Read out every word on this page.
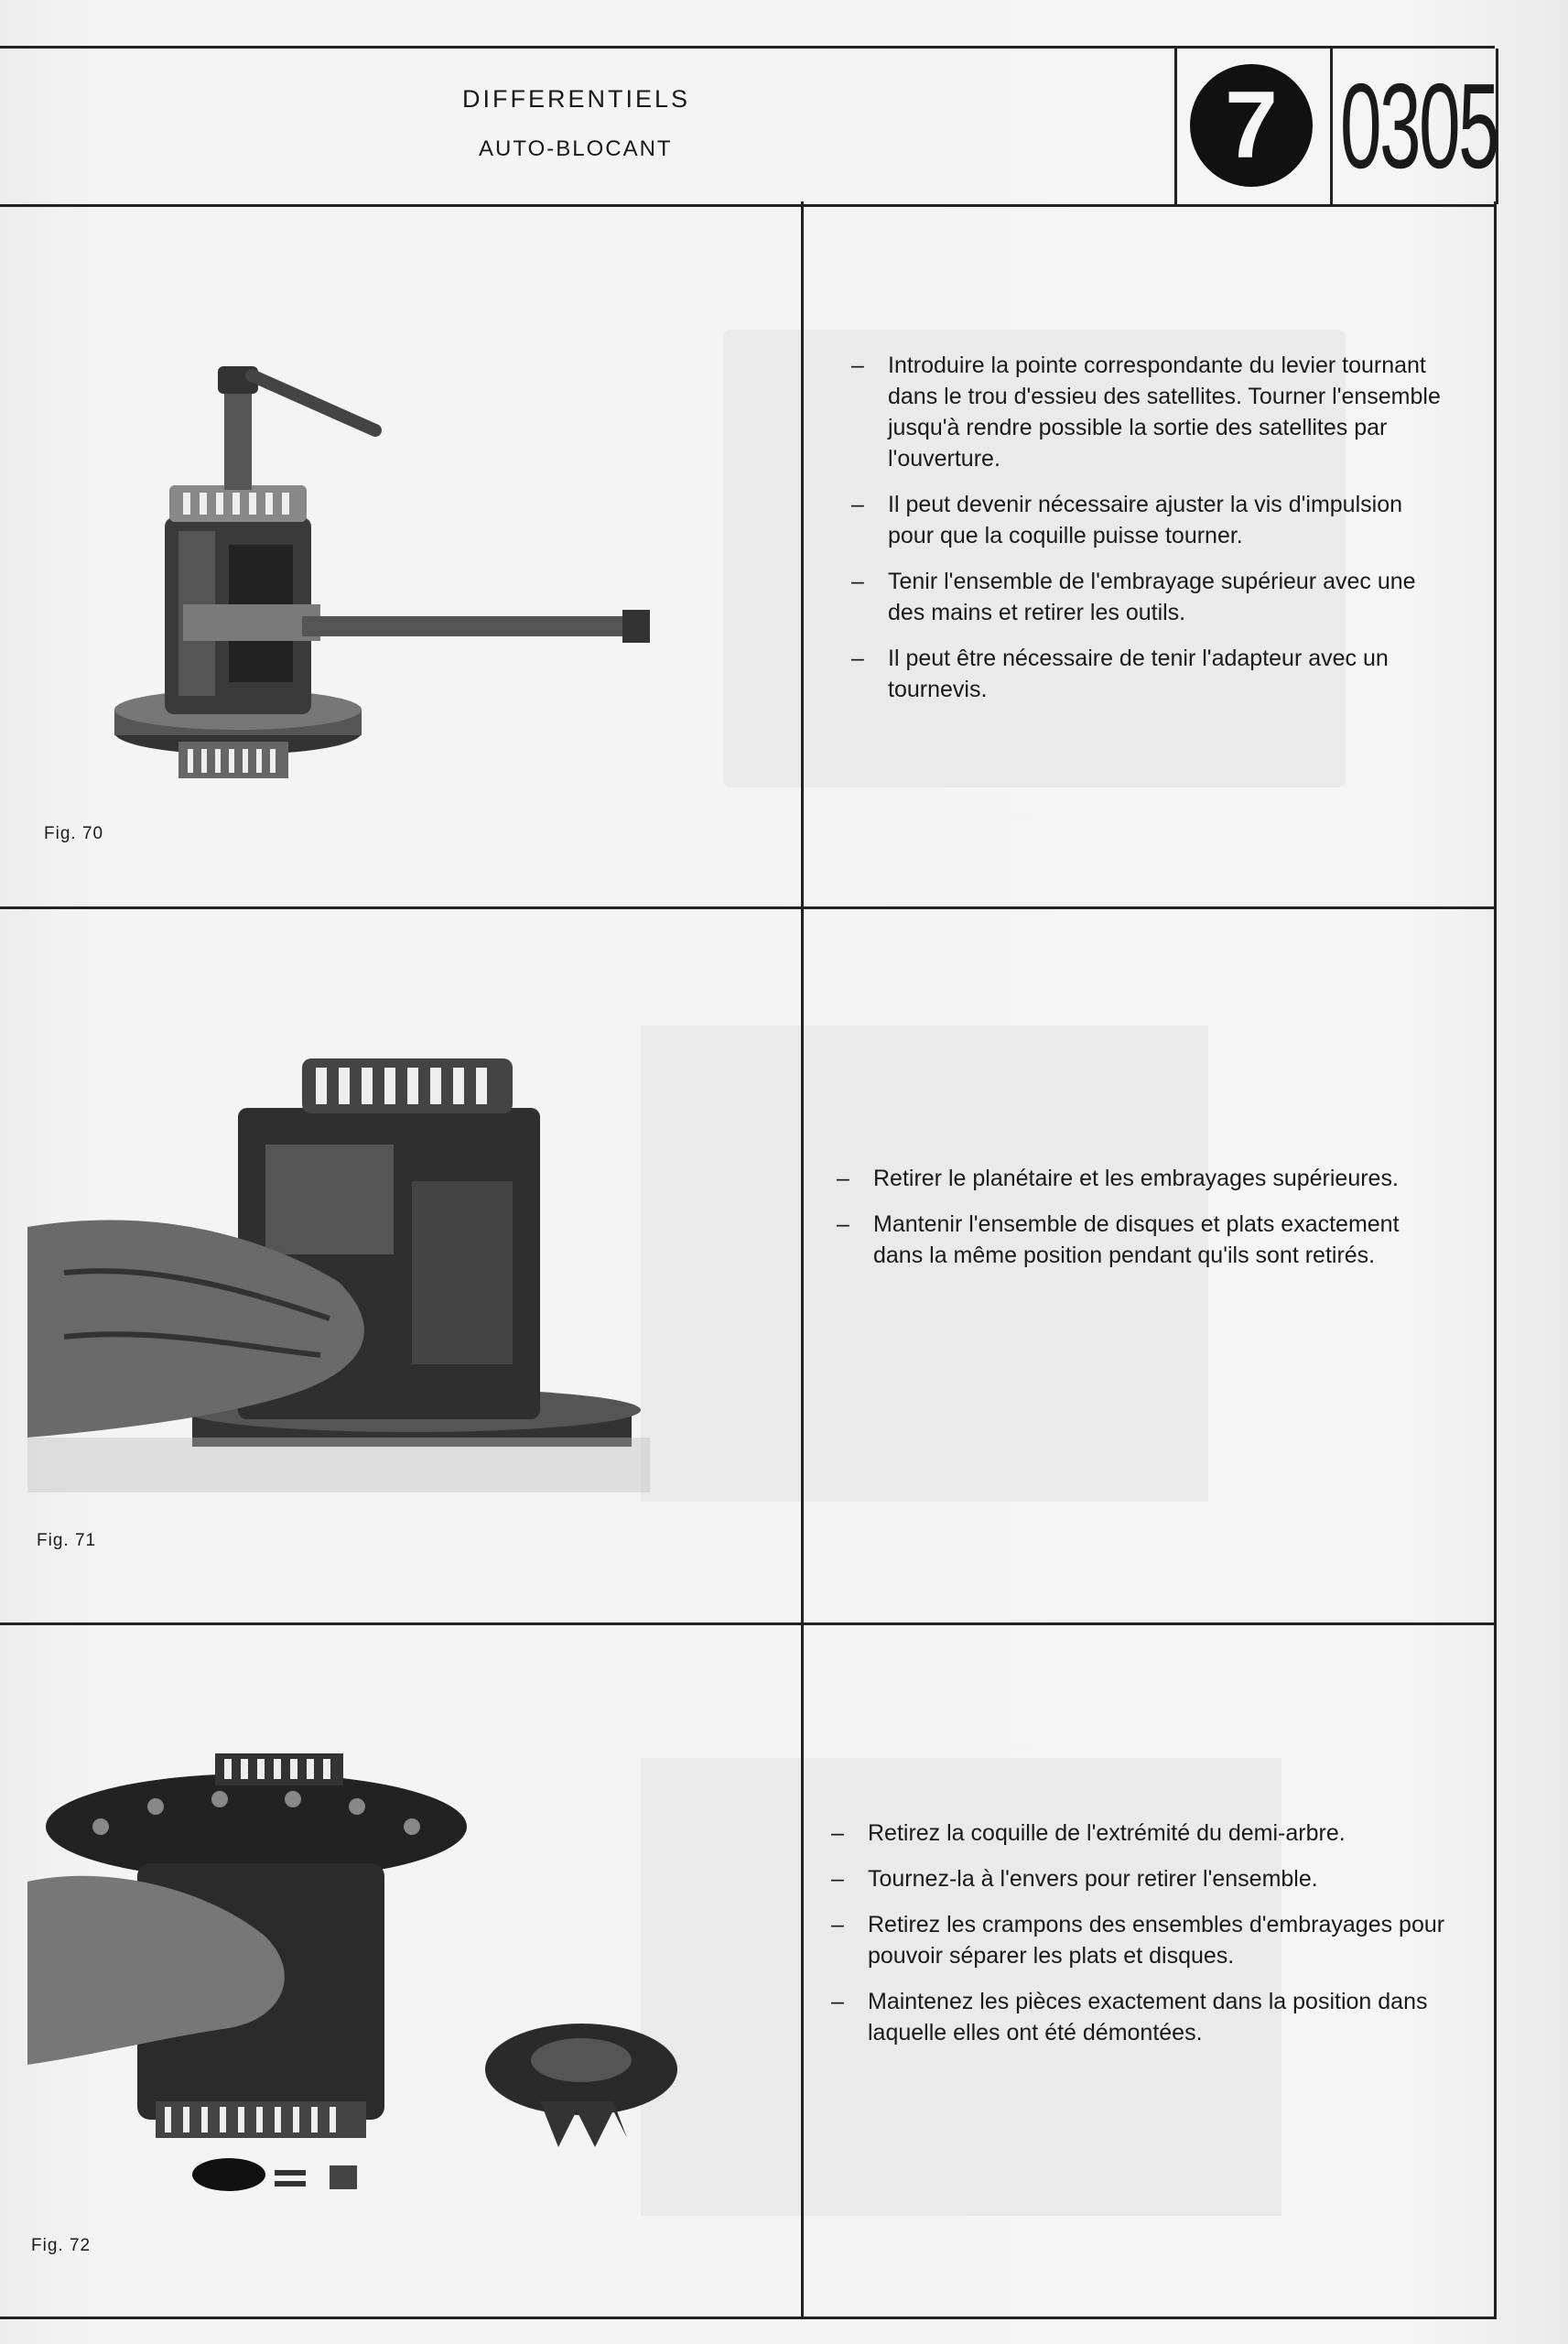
DIFFERENTIELS
AUTO-BLOCANT	7 0305
Fig. 70
– Introduire la pointe correspondante du levier tournant dans le trou d'essieu des satellites. Tourner l'ensemble jusqu'à rendre possible la sortie des satellites par l'ouverture.
– Il peut devenir nécessaire ajuster la vis d'impulsion pour que la coquille puisse tourner.
– Tenir l'ensemble de l'embrayage supérieur avec une des mains et retirer les outils.
– Il peut être nécessaire de tenir l'adapteur avec un tournevis.
Fig. 71
– Retirer le planétaire et les embrayages supérieures.
– Mantenir l'ensemble de disques et plats exactement dans la même position pendant qu'ils sont retirés.
Fig. 72
– Retirez la coquille de l'extrémité du demi-arbre.
– Tournez-la à l'envers pour retirer l'ensemble.
– Retirez les crampons des ensembles d'embrayages pour pouvoir séparer les plats et disques.
– Maintenez les pièces exactement dans la position dans laquelle elles ont été démontées.
